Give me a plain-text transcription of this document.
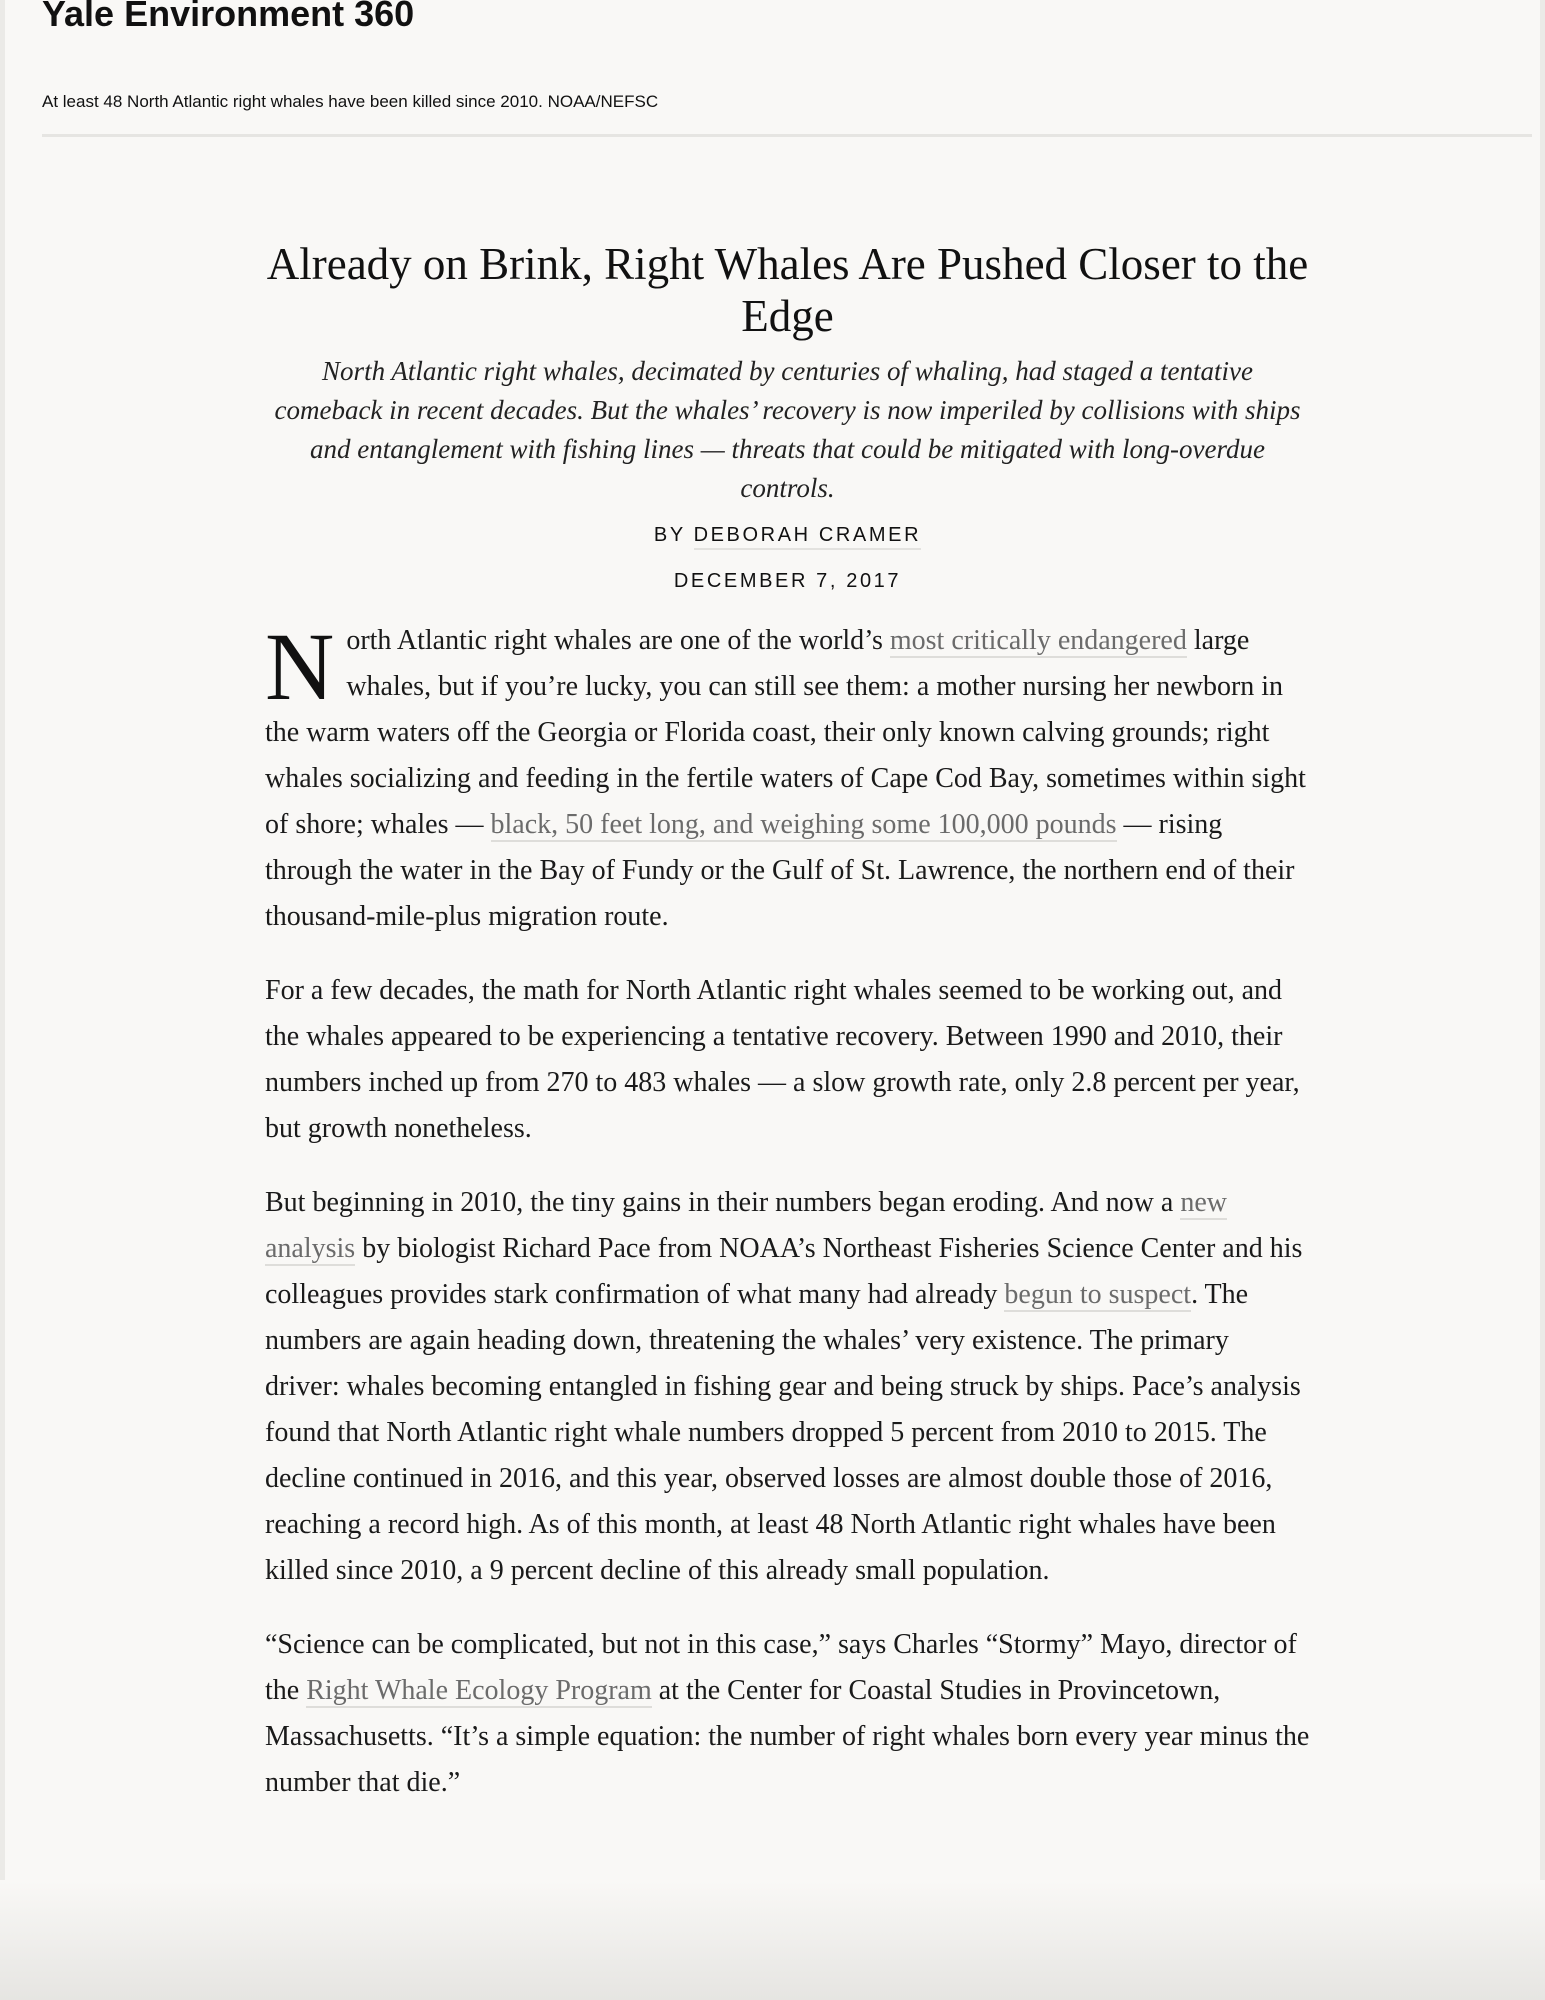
Yale Environment 360
At least 48 North Atlantic right whales have been killed since 2010. NOAA/NEFSC
Already on Brink, Right Whales Are Pushed Closer to the Edge

North Atlantic right whales, decimated by centuries of whaling, had staged a tentative comeback in recent decades. But the whales’ recovery is now imperiled by collisions with ships and entanglement with fishing lines — threats that could be mitigated with long-overdue controls.

BY DEBORAH CRAMER
DECEMBER 7, 2017

North Atlantic right whales are one of the world’s most critically endangered large whales, but if you’re lucky, you can still see them: a mother nursing her newborn in the warm waters off the Georgia or Florida coast, their only known calving grounds; right whales socializing and feeding in the fertile waters of Cape Cod Bay, sometimes within sight of shore; whales — black, 50 feet long, and weighing some 100,000 pounds — rising through the water in the Bay of Fundy or the Gulf of St. Lawrence, the northern end of their thousand-mile-plus migration route.

For a few decades, the math for North Atlantic right whales seemed to be working out, and the whales appeared to be experiencing a tentative recovery. Between 1990 and 2010, their numbers inched up from 270 to 483 whales — a slow growth rate, only 2.8 percent per year, but growth nonetheless.

But beginning in 2010, the tiny gains in their numbers began eroding. And now a new analysis by biologist Richard Pace from NOAA’s Northeast Fisheries Science Center and his colleagues provides stark confirmation of what many had already begun to suspect. The numbers are again heading down, threatening the whales’ very existence. The primary driver: whales becoming entangled in fishing gear and being struck by ships. Pace’s analysis found that North Atlantic right whale numbers dropped 5 percent from 2010 to 2015. The decline continued in 2016, and this year, observed losses are almost double those of 2016, reaching a record high. As of this month, at least 48 North Atlantic right whales have been killed since 2010, a 9 percent decline of this already small population.

“Science can be complicated, but not in this case,” says Charles “Stormy” Mayo, director of the Right Whale Ecology Program at the Center for Coastal Studies in Provincetown, Massachusetts. “It’s a simple equation: the number of right whales born every year minus the number that die.”
